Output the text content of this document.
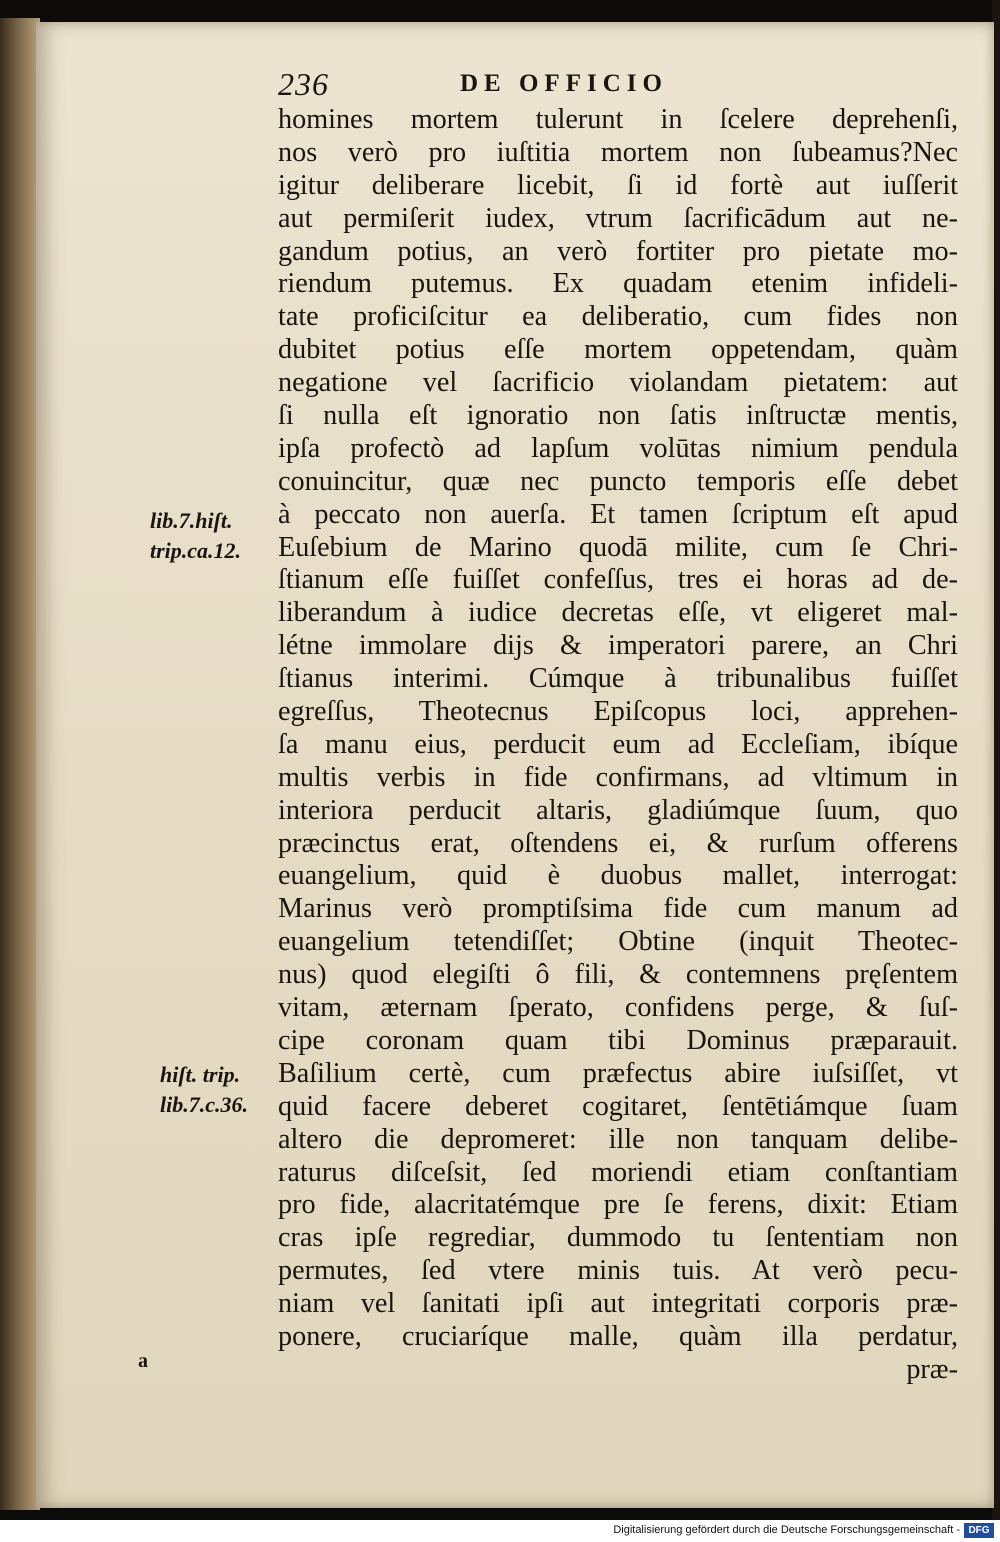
236	DE OFFICIO
homines mortem tulerunt in ſcelere deprehenſi,
nos verò pro iuſtitia mortem non ſubeamus?Nec
igitur deliberare licebit, ſi id fortè aut iuſſerit
aut permiſerit iudex, vtrum ſacrificādum aut ne-
gandum potius, an verò fortiter pro pietate mo-
riendum putemus. Ex quadam etenim infideli-
tate proficiſcitur ea deliberatio, cum fides non
dubitet potius eſſe mortem oppetendam, quàm
negatione vel ſacrificio violandam pietatem: aut
ſi nulla eſt ignoratio non ſatis inſtructæ mentis,
ipſa profectò ad lapſum volūtas nimium pendula
conuincitur, quæ nec puncto temporis eſſe debet
à peccato non auerſa. Et tamen ſcriptum eſt apud
Euſebium de Marino quodā milite, cum ſe Chri-
ſtianum eſſe fuiſſet confeſſus, tres ei horas ad de-
liberandum à iudice decretas eſſe, vt eligeret mal-
létne immolare dijs & imperatori parere, an Chri
ſtianus interimi. Cúmque à tribunalibus fuiſſet
egreſſus, Theotecnus Epiſcopus loci, apprehen-
ſa manu eius, perducit eum ad Eccleſiam, ibíque
multis verbis in fide confirmans, ad vltimum in
interiora perducit altaris, gladiúmque ſuum, quo
præcinctus erat, oſtendens ei, & rurſum offerens
euangelium, quid è duobus mallet, interrogat:
Marinus verò promptiſsima fide cum manum ad
euangelium tetendiſſet; Obtine (inquit Theotec-
nus) quod elegiſti ô fili, & contemnens pręſentem
vitam, æternam ſperato, confidens perge, & ſuſ-
cipe coronam quam tibi Dominus præparauit.
Baſilium certè, cum præfectus abire iuſsiſſet, vt
quid facere deberet cogitaret, ſentētiámque ſuam
altero die depromeret: ille non tanquam delibe-
raturus diſceſsit, ſed moriendi etiam conſtantiam
pro fide, alacritatémque pre ſe ferens, dixit: Etiam
cras ipſe regrediar, dummodo tu ſententiam non
permutes, ſed vtere minis tuis. At verò pecu-
niam vel ſanitati ipſi aut integritati corporis præ-
ponere, cruciaríque malle, quàm illa perdatur,
præ-
lib.7.hiſt.
trip.ca.12.
hiſt. trip.
lib.7.c.36.
a
Digitalisierung gefördert durch die Deutsche Forschungsgemeinschaft - DFG
